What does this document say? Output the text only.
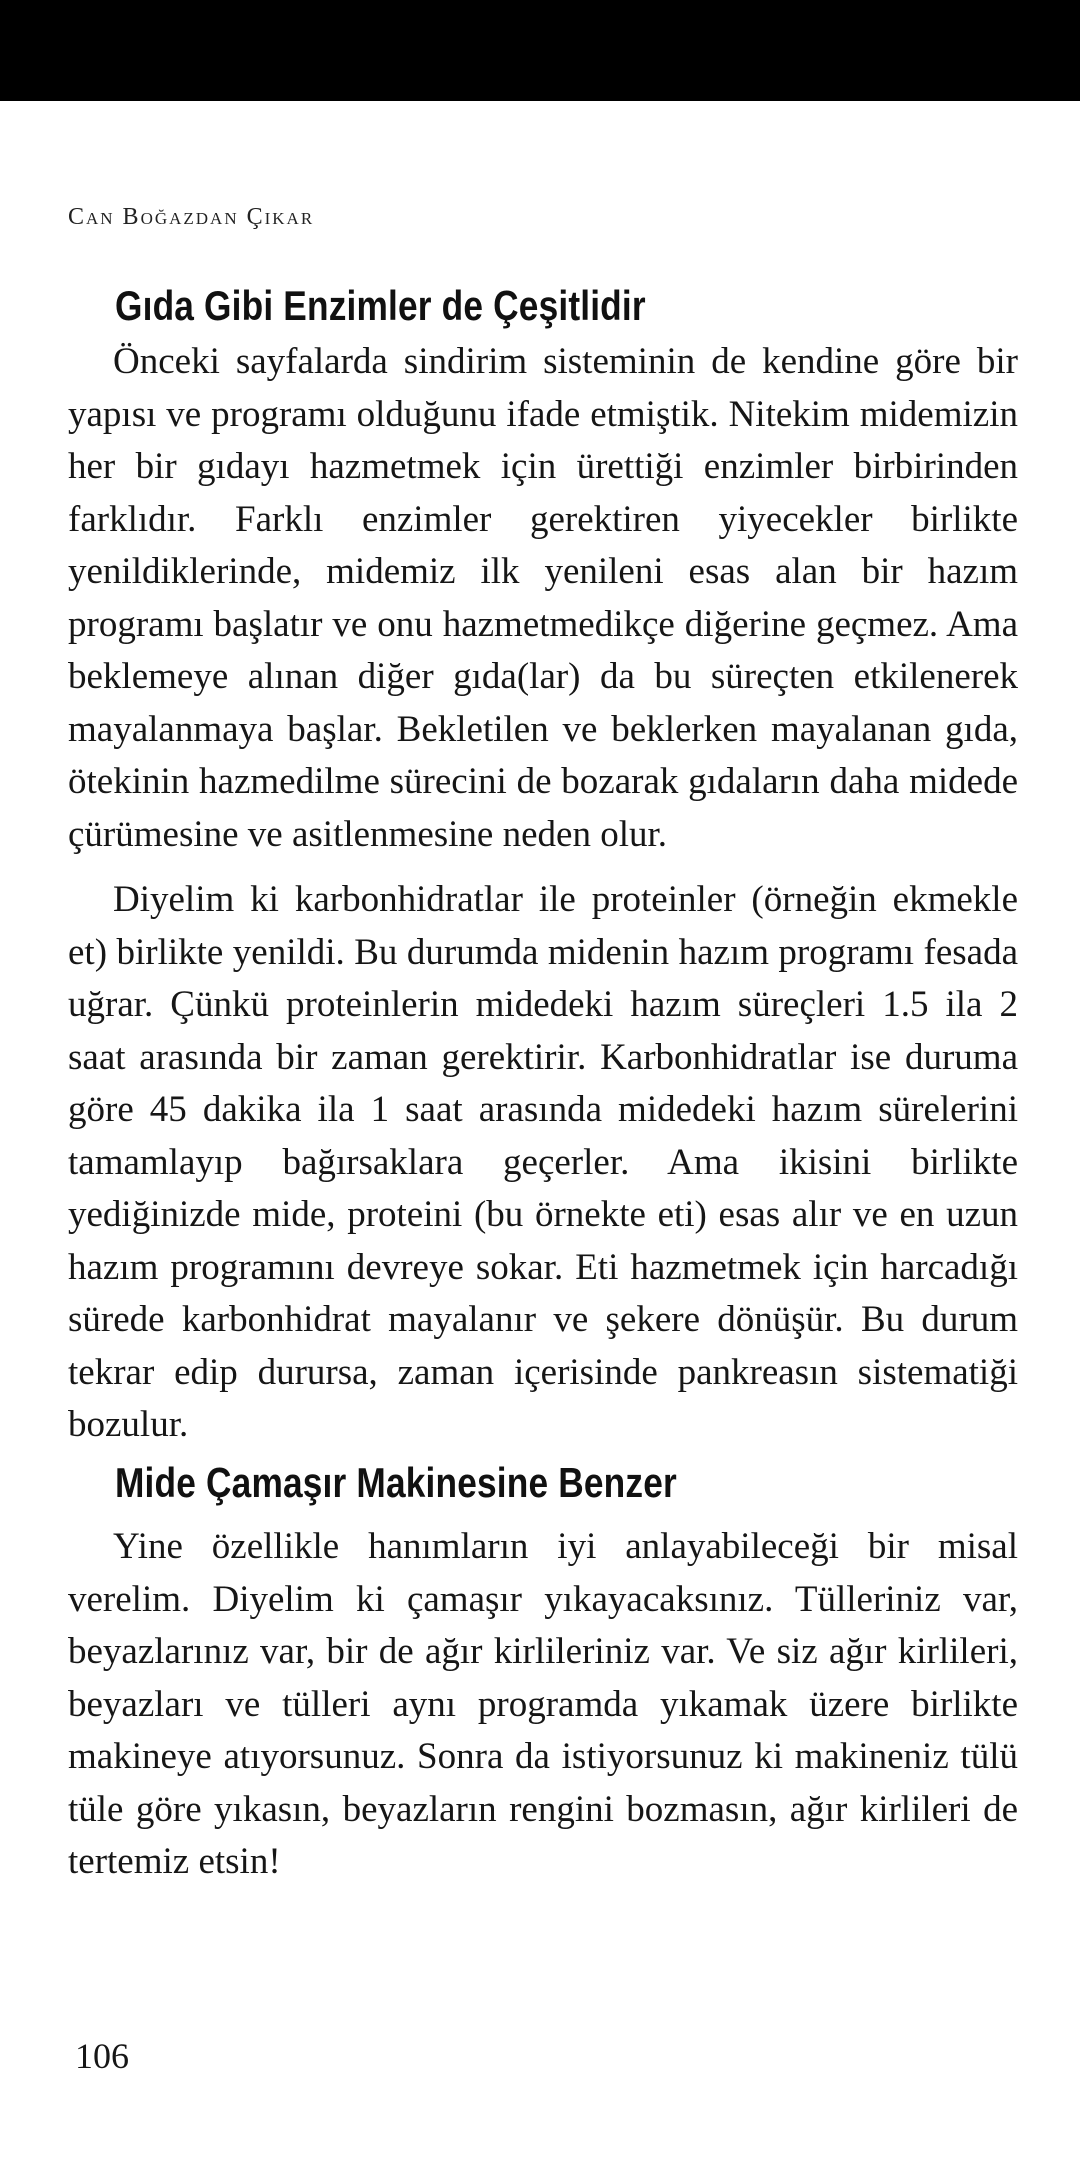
Can Boğazdan Çıkar
Gıda Gibi Enzimler de Çeşitlidir

Önceki sayfalarda sindirim sisteminin de kendine göre bir yapısı ve programı olduğunu ifade etmiştik. Nitekim midemizin her bir gıdayı hazmetmek için ürettiği enzimler birbirinden farklıdır. Farklı enzimler gerektiren yiyecekler birlikte yenildiklerinde, midemiz ilk yenileni esas alan bir hazım programı başlatır ve onu hazmetmedikçe diğerine geçmez. Ama beklemeye alınan diğer gıda(lar) da bu süreçten etkilenerek mayalanmaya başlar. Bekletilen ve beklerken mayalanan gıda, ötekinin hazmedilme sürecini de bozarak gıdaların daha midede çürümesine ve asitlenmesine neden olur.

Diyelim ki karbonhidratlar ile proteinler (örneğin ekmekle et) birlikte yenildi. Bu durumda midenin hazım programı fesada uğrar. Çünkü proteinlerin midedeki hazım süreçleri 1.5 ila 2 saat arasında bir zaman gerektirir. Karbonhidratlar ise duruma göre 45 dakika ila 1 saat arasında midedeki hazım sürelerini tamamlayıp bağırsaklara geçerler. Ama ikisini birlikte yediğinizde mide, proteini (bu örnekte eti) esas alır ve en uzun hazım programını devreye sokar. Eti hazmetmek için harcadığı sürede karbonhidrat mayalanır ve şekere dönüşür. Bu durum tekrar edip durursa, zaman içerisinde pankreasın sistematiği bozulur.

Mide Çamaşır Makinesine Benzer

Yine özellikle hanımların iyi anlayabileceği bir misal verelim. Diyelim ki çamaşır yıkayacaksınız. Tülleriniz var, beyazlarınız var, bir de ağır kirlileriniz var. Ve siz ağır kirlileri, beyazları ve tülleri aynı programda yıkamak üzere birlikte makineye atıyorsunuz. Sonra da istiyorsunuz ki makineniz tülü tüle göre yıkasın, beyazların rengini bozmasın, ağır kirlileri de tertemiz etsin!

106
